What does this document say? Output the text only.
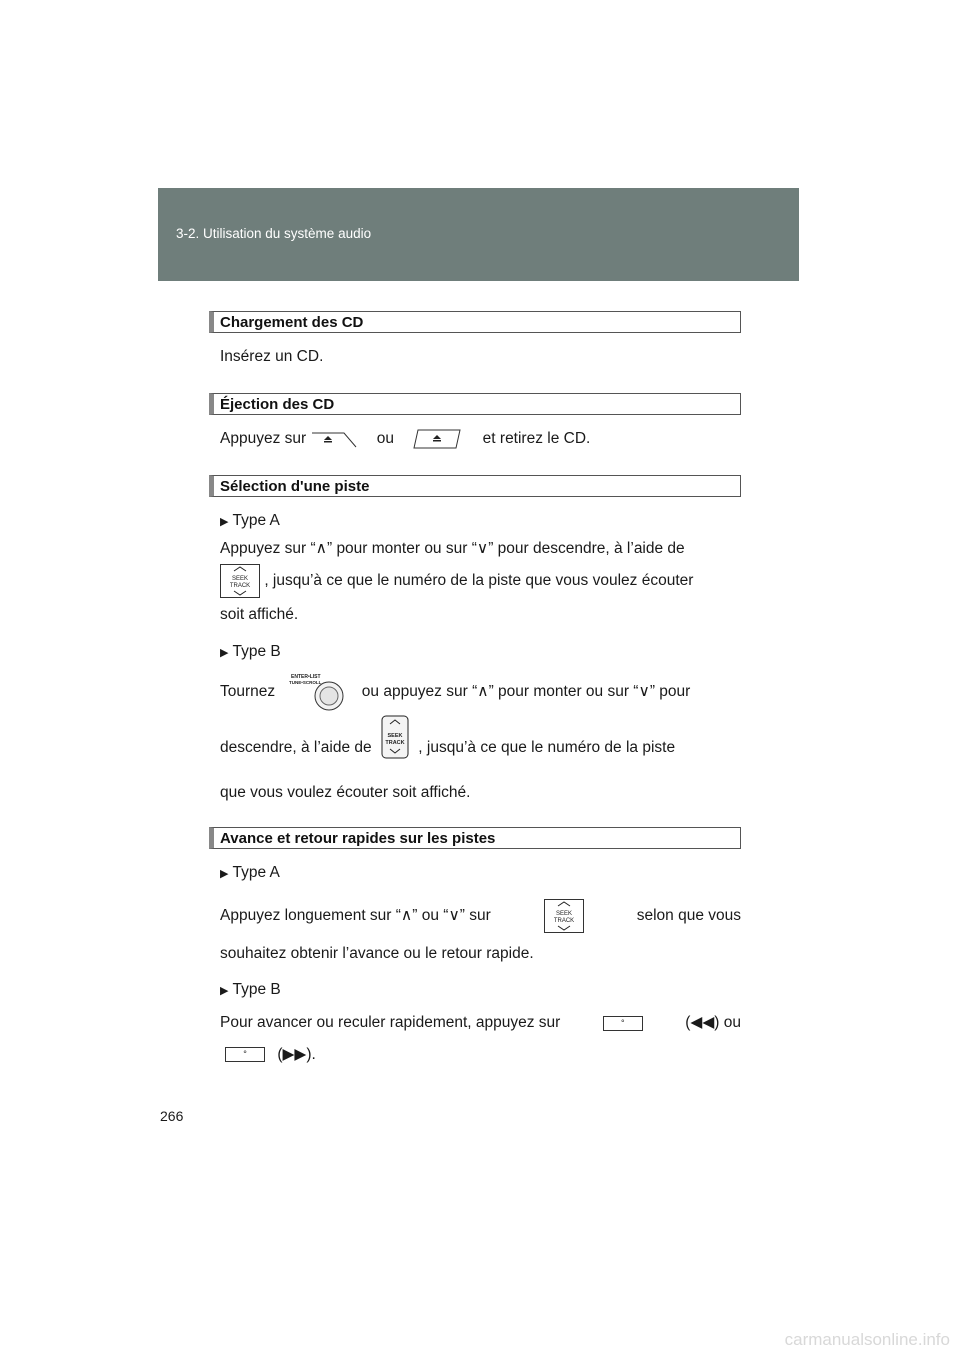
3-2. Utilisation du système audio
Chargement des CD
Insérez un CD.
Éjection des CD
Appuyez sur	ou	et retirez le CD.
Sélection d'une piste
▶ Type A
Appuyez sur “∧” pour monter ou sur “∨” pour descendre, à l’aide de
SEEK
TRACK , jusqu’à ce que le numéro de la piste que vous voulez écouter
soit affiché.
▶ Type B
Tournez
ENTER•LIST
TUNE•SCROLL
ou appuyez sur “∧” pour monter ou sur “∨” pour
descendre, à l’aide de
SEEK
TRACK , jusqu’à ce que le numéro de la piste
que vous voulez écouter soit affiché.
Avance et retour rapides sur les pistes
▶ Type A
Appuyez longuement sur “∧” ou “∨” sur	SEEK
TRACK	selon que vous
souhaitez obtenir l’avance ou le retour rapide.
▶ Type B
Pour avancer ou reculer rapidement, appuyez sur	°	(◀◀) ou
° (▶▶).
266
carmanualsonline.info
